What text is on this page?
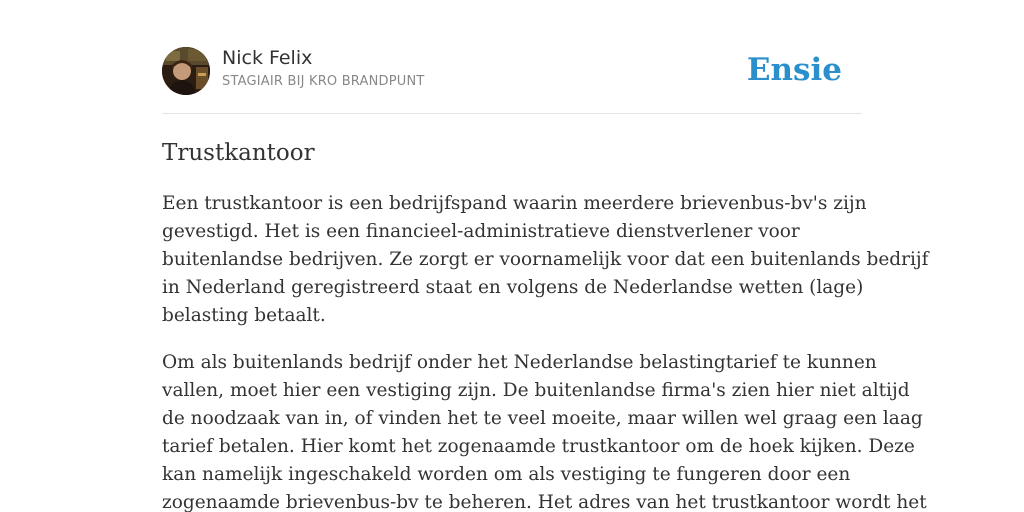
Nick Felix
STAGIAIR BIJ KRO BRANDPUNT	Ensie
Trustkantoor

Een trustkantoor is een bedrijfspand waarin meerdere brievenbus-bv's zijn
gevestigd. Het is een financieel-administratieve dienstverlener voor
buitenlandse bedrijven. Ze zorgt er voornamelijk voor dat een buitenlands bedrijf
in Nederland geregistreerd staat en volgens de Nederlandse wetten (lage)
belasting betaalt.

Om als buitenlands bedrijf onder het Nederlandse belastingtarief te kunnen
vallen, moet hier een vestiging zijn. De buitenlandse firma's zien hier niet altijd
de noodzaak van in, of vinden het te veel moeite, maar willen wel graag een laag
tarief betalen. Hier komt het zogenaamde trustkantoor om de hoek kijken. Deze
kan namelijk ingeschakeld worden om als vestiging te fungeren door een
zogenaamde brievenbus-bv te beheren. Het adres van het trustkantoor wordt het
